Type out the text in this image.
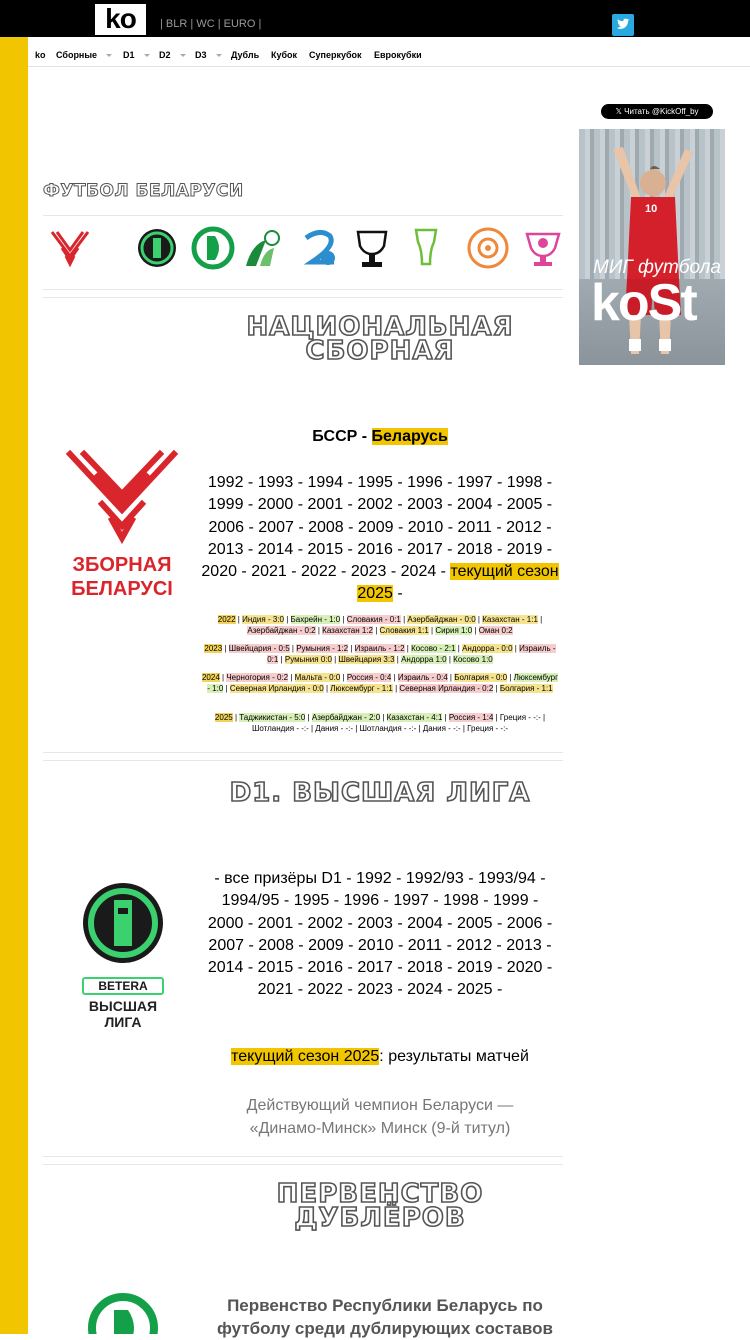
ko	| BLR | WC | EURO |
ko Сборные	D1	D2	D3	Дубль Кубок Суперкубок Еврокубки
𝕏 Читать @KickOff_by
10
МИГ футбола
koSt
ФУТБОЛ БЕЛАРУСИ
НАЦИОНАЛЬНАЯ
СБОРНАЯ
ЗБОРНАЯ
БЕЛАРУСІ
БССР - Беларусь
1992 - 1993 - 1994 - 1995 - 1996 - 1997 - 1998 - 1999 - 2000 - 2001 - 2002 - 2003 - 2004 - 2005 - 2006 - 2007 - 2008 - 2009 - 2010 - 2011 - 2012 - 2013 - 2014 - 2015 - 2016 - 2017 - 2018 - 2019 - 2020 - 2021 - 2022 - 2023 - 2024 - текущий сезон 2025 -
2022 | Индия - 3:0 | Бахрейн - 1:0 | Словакия - 0:1 | Азербайджан - 0:0 | Казахстан - 1:1 | Азербайджан - 0:2 | Казахстан 1:2 | Словакия 1:1 | Сирия 1:0 | Оман 0:2
2023 | Швейцария - 0:5 | Румыния - 1:2 | Израиль - 1:2 | Косово - 2:1 | Андорра - 0:0 | Израиль - 0:1 | Румыния 0:0 | Швейцария 3:3 | Андорра 1:0 | Косово 1:0
2024 | Черногория - 0:2 | Мальта - 0:0 | Россия - 0:4 | Израиль - 0:4 | Болгария - 0:0 | Люксембург - 1:0 | Северная Ирландия - 0:0 | Люксембург - 1:1 | Северная Ирландия - 0:2 | Болгария - 1:1
2025 | Таджикистан - 5:0 | Азербайджан - 2:0 | Казахстан - 4:1 | Россия - 1:4 | Греция - -:- | Шотландия - -:- | Дания - -:- | Шотландия - -:- | Дания - -:- | Греция - -:-
D1. ВЫСШАЯ ЛИГА
BETERA
ВЫСШАЯ
ЛИГА
- все призёры D1 - 1992 - 1992/93 - 1993/94 - 1994/95 - 1995 - 1996 - 1997 - 1998 - 1999 - 2000 - 2001 - 2002 - 2003 - 2004 - 2005 - 2006 - 2007 - 2008 - 2009 - 2010 - 2011 - 2012 - 2013 - 2014 - 2015 - 2016 - 2017 - 2018 - 2019 - 2020 - 2021 - 2022 - 2023 - 2024 - 2025 -
текущий сезон 2025: результаты матчей
Действующий чемпион Беларуси —
«Динамо-Минск» Минск (9-й титул)
ПЕРВЕНСТВО
ДУБЛЁРОВ
Первенство Республики Беларусь по
футболу среди дублирующих составов
